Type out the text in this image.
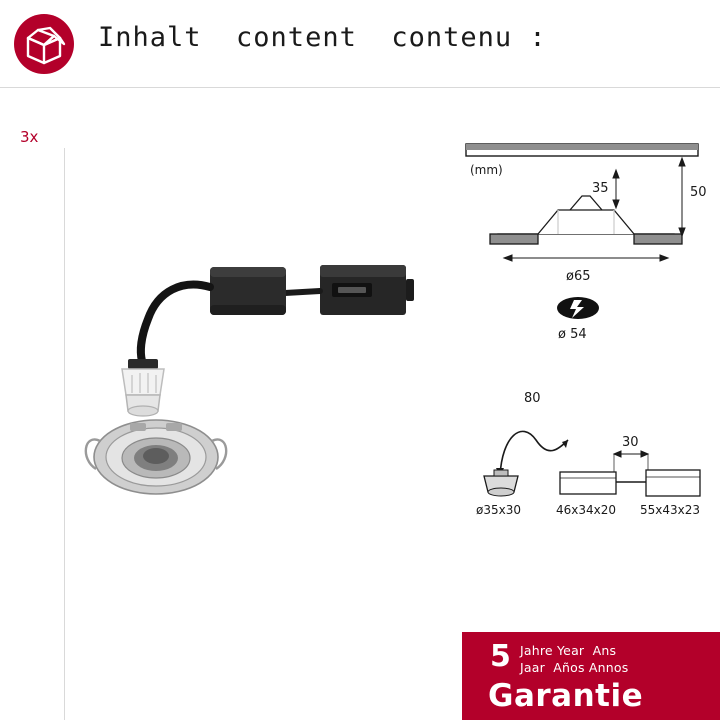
Inhalt  content  contenu :
3x
(mm)
35	50
ø65
ø 54
80
ø35x30	46x34x20 55x43x23
30
5 Jahre Year  Ans
Jaar  Años Annos
Garantie
